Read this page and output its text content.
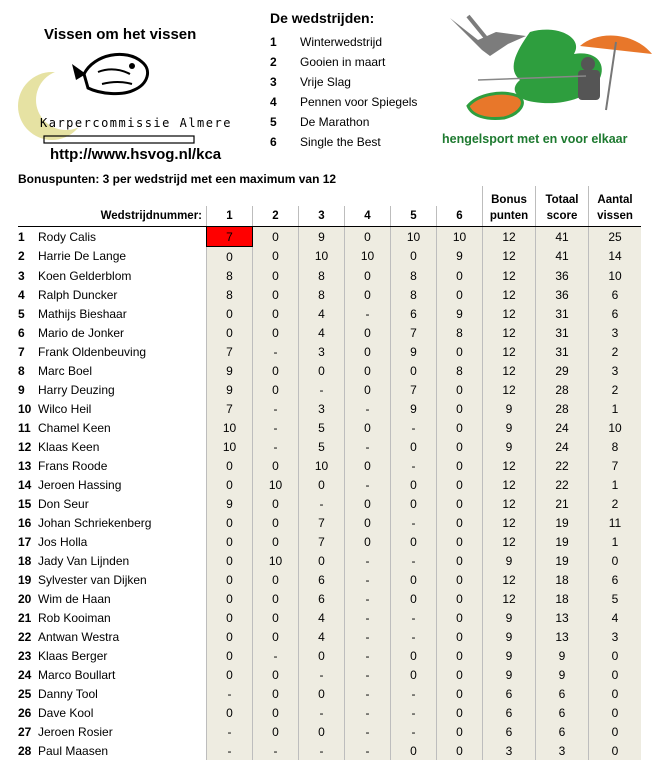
Vissen om het vissen
Karpercommissie Almere
http://www.hsvog.nl/kca
De wedstrijden:
1 Winterwedstrijd
2 Gooien in maart
3 Vrije Slag
4 Pennen voor Spiegels
5 De Marathon
6 Single the Best	hengelsport met en voor elkaar
Bonuspunten: 3 per wedstrijd met een maximum van 12
								Bonus	Totaal	Aantal
Wedstrijdnummer:		1	2	3	4	5	6	punten	score	vissen
1	Rody Calis	7	0	9	0	10	10	12	41	25
2	Harrie De Lange	0	0	10	10	0	9	12	41	14
3	Koen Gelderblom	8	0	8	0	8	0	12	36	10
4	Ralph Duncker	8	0	8	0	8	0	12	36	6
5	Mathijs Bieshaar	0	0	4	-	6	9	12	31	6
6	Mario de Jonker	0	0	4	0	7	8	12	31	3
7	Frank Oldenbeuving	7	-	3	0	9	0	12	31	2
8	Marc Boel	9	0	0	0	0	8	12	29	3
9	Harry Deuzing	9	0	-	0	7	0	12	28	2
10	Wilco Heil	7	-	3	-	9	0	9	28	1
11	Chamel Keen	10	-	5	0	-	0	9	24	10
12	Klaas Keen	10	-	5	-	0	0	9	24	8
13	Frans Roode	0	0	10	0	-	0	12	22	7
14	Jeroen Hassing	0	10	0	-	0	0	12	22	1
15	Don Seur	9	0	-	0	0	0	12	21	2
16	Johan Schriekenberg	0	0	7	0	-	0	12	19	11
17	Jos Holla	0	0	7	0	0	0	12	19	1
18	Jady Van Lijnden	0	10	0	-	-	0	9	19	0
19	Sylvester van Dijken	0	0	6	-	0	0	12	18	6
20	Wim de Haan	0	0	6	-	0	0	12	18	5
21	Rob Kooiman	0	0	4	-	-	0	9	13	4
22	Antwan Westra	0	0	4	-	-	0	9	13	3
23	Klaas Berger	0	-	0	-	0	0	9	9	0
24	Marco Boullart	0	0	-	-	0	0	9	9	0
25	Danny Tool	-	0	0	-	-	0	6	6	0
26	Dave Kool	0	0	-	-	-	0	6	6	0
27	Jeroen Rosier	-	0	0	-	-	0	6	6	0
28	Paul Maasen	-	-	-	-	0	0	3	3	0
